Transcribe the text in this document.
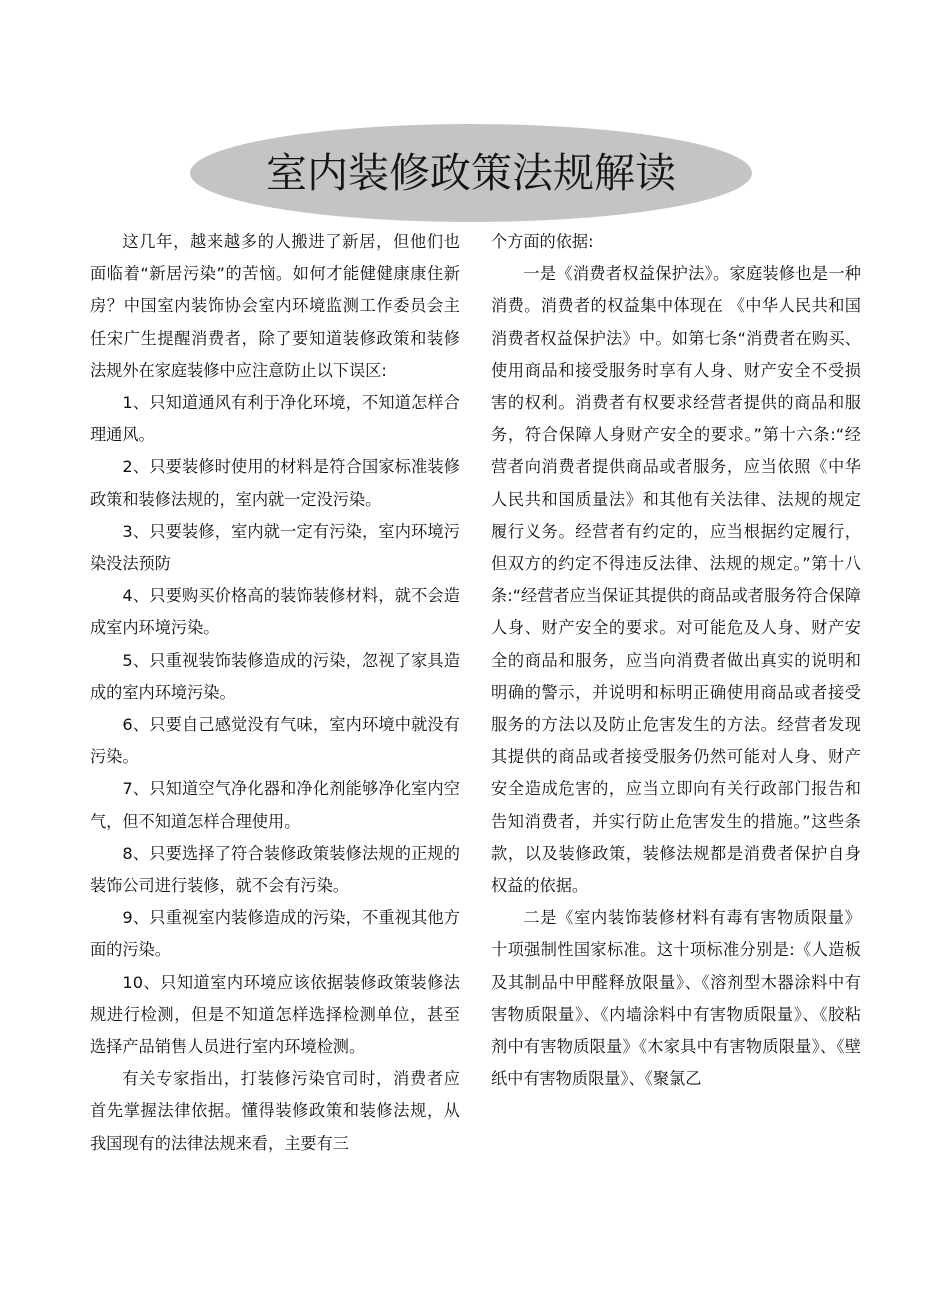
室内装修政策法规解读

这几年，越来越多的人搬进了新居，但他们也面临着“新居污染”的苦恼。如何才能健健康康住新房？中国室内装饰协会室内环境监测工作委员会主任宋广生提醒消费者，除了要知道装修政策和装修法规外在家庭装修中应注意防止以下误区:

1、只知道通风有利于净化环境，不知道怎样合理通风。

2、只要装修时使用的材料是符合国家标准装修政策和装修法规的，室内就一定没污染。

3、只要装修，室内就一定有污染，室内环境污染没法预防

4、只要购买价格高的装饰装修材料，就不会造成室内环境污染。

5、只重视装饰装修造成的污染，忽视了家具造成的室内环境污染。

6、只要自己感觉没有气味，室内环境中就没有污染。

7、只知道空气净化器和净化剂能够净化室内空气，但不知道怎样合理使用。

8、只要选择了符合装修政策装修法规的正规的装饰公司进行装修，就不会有污染。

9、只重视室内装修造成的污染，不重视其他方面的污染。

10、只知道室内环境应该依据装修政策装修法规进行检测，但是不知道怎样选择检测单位，甚至选择产品销售人员进行室内环境检测。

有关专家指出，打装修污染官司时，消费者应首先掌握法律依据。懂得装修政策和装修法规，从我国现有的法律法规来看，主要有三

个方面的依据:

一是《消费者权益保护法》。家庭装修也是一种消费。消费者的权益集中体现在 《中华人民共和国消费者权益保护法》中。如第七条“消费者在购买、使用商品和接受服务时享有人身、财产安全不受损害的权利。消费者有权要求经营者提供的商品和服务，符合保障人身财产安全的要求。”第十六条:“经营者向消费者提供商品或者服务，应当依照《中华人民共和国质量法》和其他有关法律、法规的规定履行义务。经营者有约定的，应当根据约定履行，但双方的约定不得违反法律、法规的规定。”第十八条:“经营者应当保证其提供的商品或者服务符合保障人身、财产安全的要求。对可能危及人身、财产安全的商品和服务，应当向消费者做出真实的说明和明确的警示，并说明和标明正确使用商品或者接受服务的方法以及防止危害发生的方法。经营者发现其提供的商品或者接受服务仍然可能对人身、财产安全造成危害的，应当立即向有关行政部门报告和告知消费者，并实行防止危害发生的措施。”这些条款，以及装修政策，装修法规都是消费者保护自身权益的依据。

二是《室内装饰装修材料有毒有害物质限量》十项强制性国家标准。这十项标准分别是:《人造板及其制品中甲醛释放限量》、《溶剂型木器涂料中有害物质限量》、《内墙涂料中有害物质限量》、《胶粘剂中有害物质限量》《木家具中有害物质限量》、《壁纸中有害物质限量》、《聚氯乙
